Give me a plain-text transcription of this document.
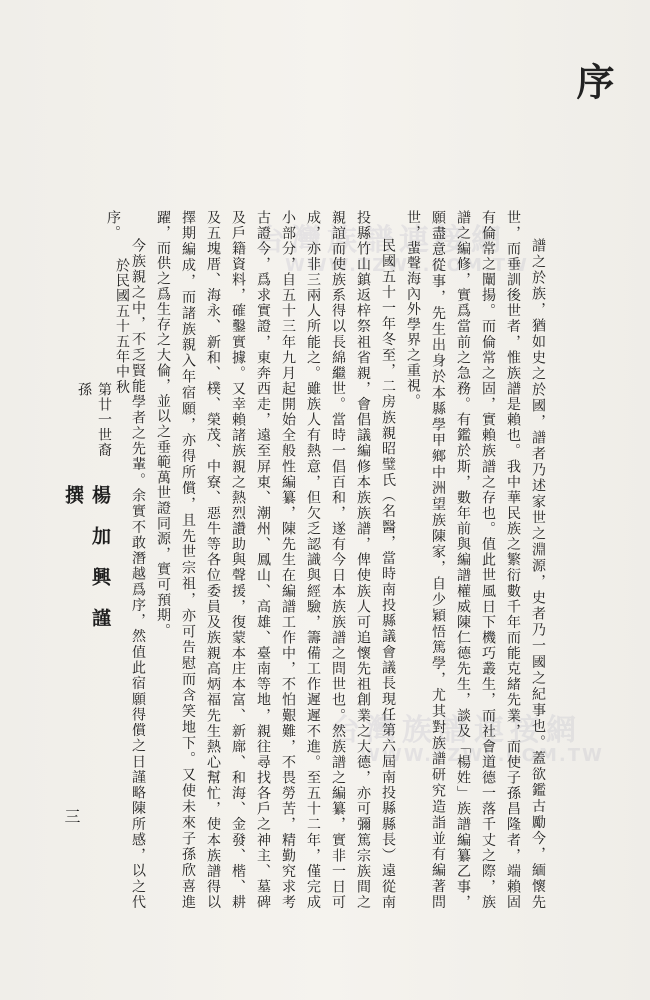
台灣族譜連接網
WWW.TZWL.COM.TW
台灣族譜連接網
WWW.TZWL.COM.TW
序

譜之於族，猶如史之於國，譜者乃述家世之淵源，史者乃一國之紀事也。蓋欲鑑古勵今，緬懷先世，而垂訓後世者，惟族譜是賴也。我中華民族之繁衍數千年而能克緒先業，而使子孫昌隆者，端賴固有倫常之闡揚。而倫常之固，實賴族譜之存也。值此世風日下機巧叢生，而社會道德一落千丈之際，族譜之編修，實爲當前之急務。有鑑於斯，數年前與編譜權威陳仁德先生，談及「楊姓」族譜編纂乙事，願盡意從事，先生出身於本縣學甲鄉中洲望族陳家，自少穎悟篤學，尤其對族譜研究造詣並有編著問世，蜚聲海內外學界之重視。

民國五十一年冬至，二房族親昭璧氏（名醫，當時南投縣議會議長現任第六屆南投縣縣長）遠從南投縣竹山鎮返梓祭祖省親，會倡議編修本族族譜，俾使族人可追懷先祖創業之大德，亦可彌篤宗族間之親誼而使族系得以長綿繼世。當時一倡百和，遂有今日本族族譜之問世也。然族譜之編纂，實非一日可成，亦非三兩人所能之。雖族人有熱意，但欠乏認識與經驗，籌備工作遲遲不進。至五十二年，僅完成小部分，自五十三年九月起開始全般性編纂，陳先生在編譜工作中，不怕艱難，不畏勞苦，精勤究求考古證今，爲求實證，東奔西走，遠至屏東、潮州、鳳山、高雄、臺南等地，親往尋找各戶之神主、墓碑及戶籍資料，確鑿實據。又幸賴諸族親之熱烈讚助與聲援，復蒙本庄本富、新廍、和海、金發、楷、耕及五塊厝、海永、新和、樸、榮茂、中寮、惡牛等各位委員及族親高炳福先生熱心幫忙，使本族譜得以擇期編成，而諸族親入年宿願，亦得所償，且先世宗祖，亦可告慰而含笑地下。又使未來子孫欣喜進躍，而供之爲生存之大倫，並以之垂範萬世證同源，實可預期。

今族親之中，不乏賢能學者之先輩。余實不敢潛越爲序，然值此宿願得償之日謹略陳所感，以之代序。

於民國五十五年中秋
第廿一世裔孫
楊加興謹撰
三
